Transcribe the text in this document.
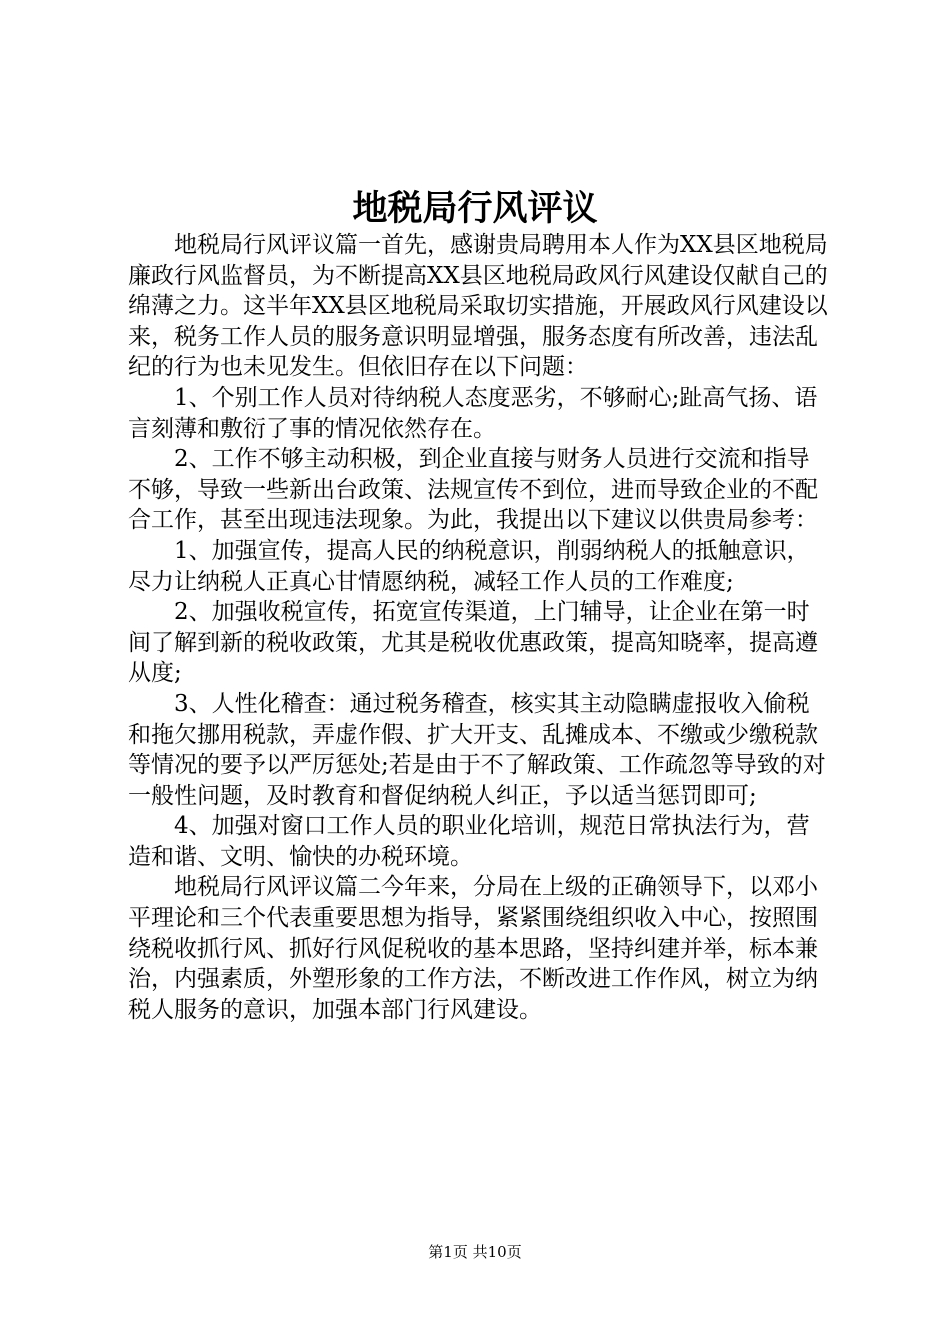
地税局行风评议

地税局行风评议篇一首先，感谢贵局聘用本人作为XX县区地税局廉政行风监督员，为不断提高XX县区地税局政风行风建设仅献自己的绵薄之力。这半年XX县区地税局采取切实措施，开展政风行风建设以来，税务工作人员的服务意识明显增强，服务态度有所改善，违法乱纪的行为也未见发生。但依旧存在以下问题：

1、个别工作人员对待纳税人态度恶劣，不够耐心;趾高气扬、语言刻薄和敷衍了事的情况依然存在。

2、工作不够主动积极，到企业直接与财务人员进行交流和指导不够，导致一些新出台政策、法规宣传不到位，进而导致企业的不配合工作，甚至出现违法现象。为此，我提出以下建议以供贵局参考：

1、加强宣传，提高人民的纳税意识，削弱纳税人的抵触意识，尽力让纳税人正真心甘情愿纳税，减轻工作人员的工作难度;

2、加强收税宣传，拓宽宣传渠道，上门辅导，让企业在第一时间了解到新的税收政策，尤其是税收优惠政策，提高知晓率，提高遵从度;

3、人性化稽查：通过税务稽查，核实其主动隐瞒虚报收入偷税和拖欠挪用税款，弄虚作假、扩大开支、乱摊成本、不缴或少缴税款等情况的要予以严厉惩处;若是由于不了解政策、工作疏忽等导致的对一般性问题，及时教育和督促纳税人纠正，予以适当惩罚即可;

4、加强对窗口工作人员的职业化培训，规范日常执法行为，营造和谐、文明、愉快的办税环境。

地税局行风评议篇二今年来，分局在上级的正确领导下，以邓小平理论和三个代表重要思想为指导，紧紧围绕组织收入中心，按照围绕税收抓行风、抓好行风促税收的基本思路，坚持纠建并举，标本兼治，内强素质，外塑形象的工作方法，不断改进工作作风，树立为纳税人服务的意识，加强本部门行风建设。

第1页 共10页
